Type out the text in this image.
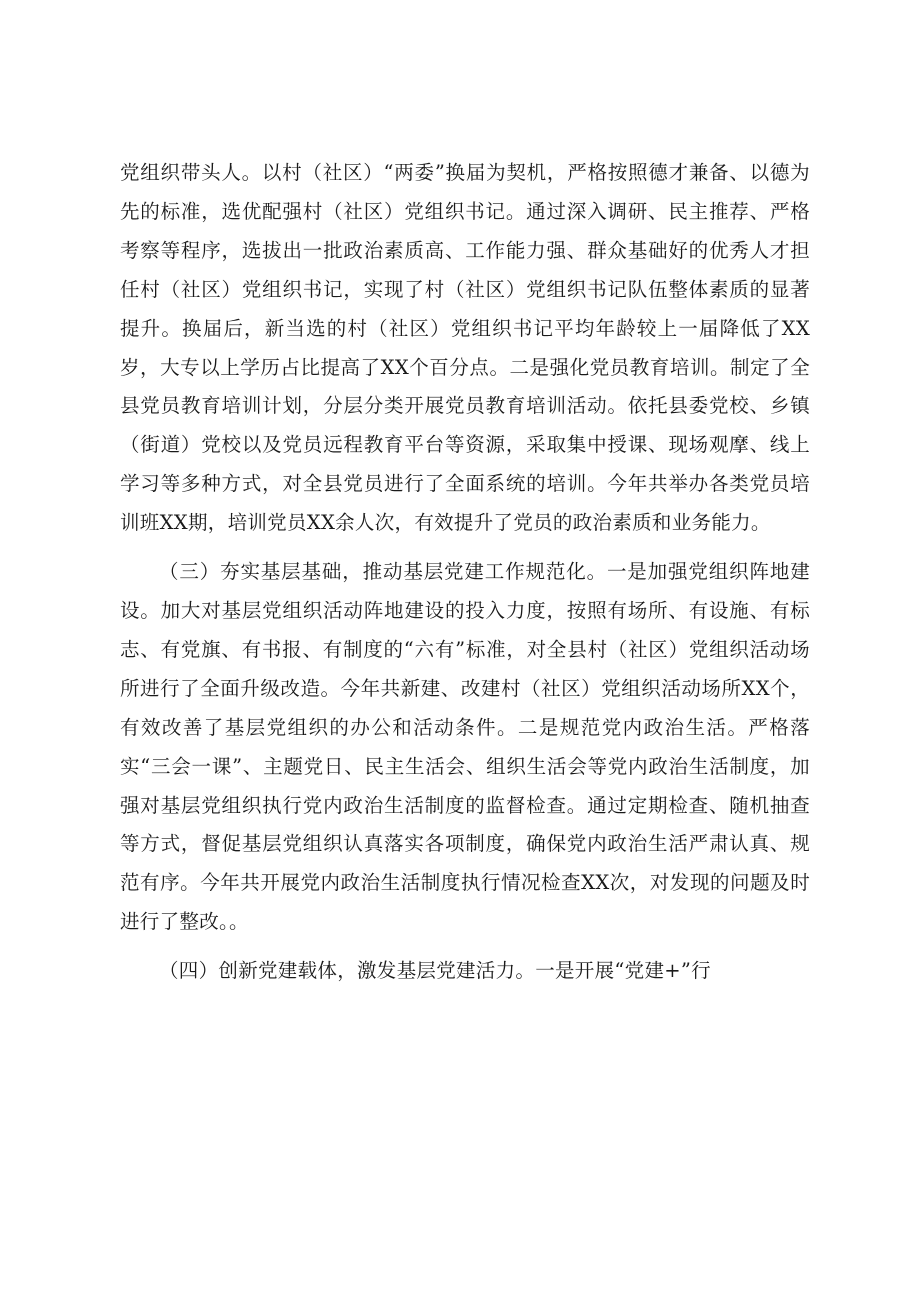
党组织带头人。以村（社区）“两委”换届为契机，严格按照德才兼备、以德为先的标准，选优配强村（社区）党组织书记。通过深入调研、民主推荐、严格考察等程序，选拔出一批政治素质高、工作能力强、群众基础好的优秀人才担任村（社区）党组织书记，实现了村（社区）党组织书记队伍整体素质的显著提升。换届后，新当选的村（社区）党组织书记平均年龄较上一届降低了XX岁，大专以上学历占比提高了XX个百分点。二是强化党员教育培训。制定了全县党员教育培训计划，分层分类开展党员教育培训活动。依托县委党校、乡镇（街道）党校以及党员远程教育平台等资源，采取集中授课、现场观摩、线上学习等多种方式，对全县党员进行了全面系统的培训。今年共举办各类党员培训班XX期，培训党员XX余人次，有效提升了党员的政治素质和业务能力。

（三）夯实基层基础，推动基层党建工作规范化。一是加强党组织阵地建设。加大对基层党组织活动阵地建设的投入力度，按照有场所、有设施、有标志、有党旗、有书报、有制度的“六有”标准，对全县村（社区）党组织活动场所进行了全面升级改造。今年共新建、改建村（社区）党组织活动场所XX个，有效改善了基层党组织的办公和活动条件。二是规范党内政治生活。严格落实“三会一课”、主题党日、民主生活会、组织生活会等党内政治生活制度，加强对基层党组织执行党内政治生活制度的监督检查。通过定期检查、随机抽查等方式，督促基层党组织认真落实各项制度，确保党内政治生活严肃认真、规范有序。今年共开展党内政治生活制度执行情况检查XX次，对发现的问题及时进行了整改。。

（四）创新党建载体，激发基层党建活力。一是开展“党建+”行
